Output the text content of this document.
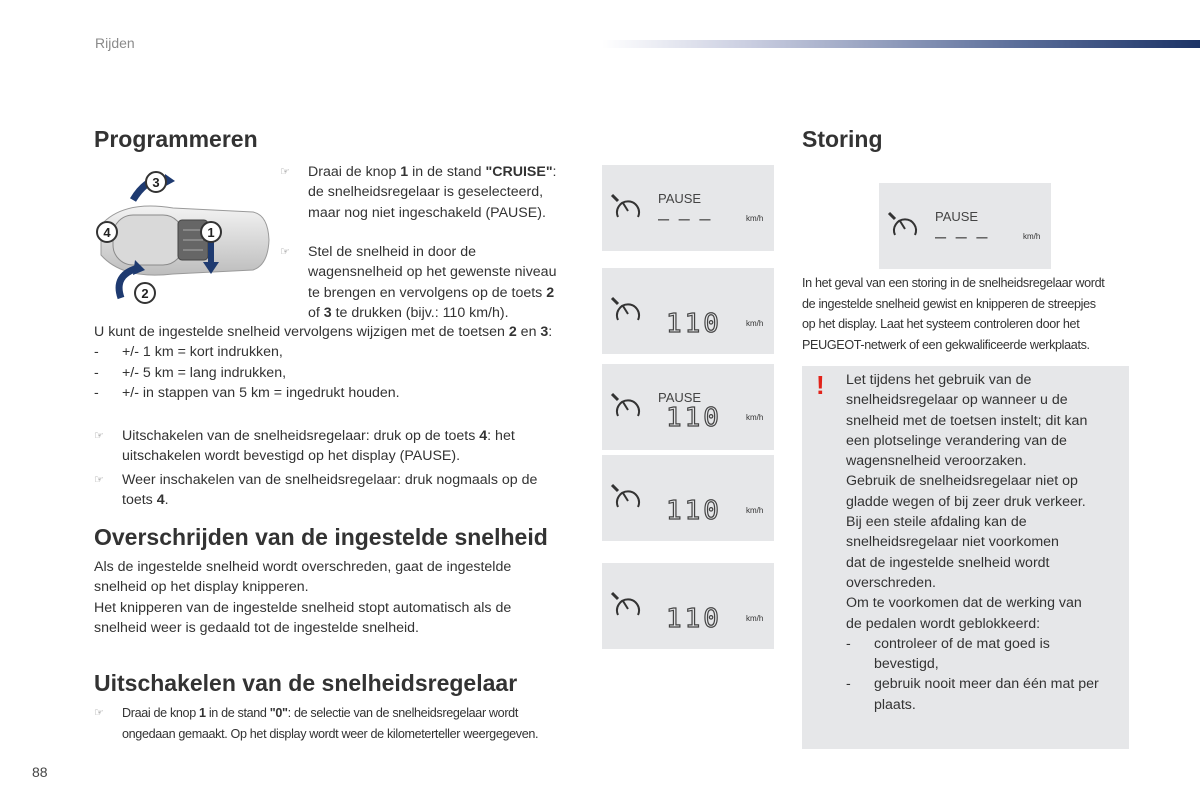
Rijden
Programmeren
3
4	1
2
☞ Draai de knop 1 in de stand "CRUISE":
de snelheidsregelaar is geselecteerd,
maar nog niet ingeschakeld (PAUSE).
☞ Stel de snelheid in door de
wagensnelheid op het gewenste niveau
te brengen en vervolgens op de toets 2
of 3 te drukken (bijv.: 110 km/h).
U kunt de ingestelde snelheid vervolgens wijzigen met de toetsen 2 en 3:
- +/- 1 km = kort indrukken,
- +/- 5 km = lang indrukken,
- +/- in stappen van 5 km = ingedrukt houden.
☞ Uitschakelen van de snelheidsregelaar: druk op de toets 4: het
uitschakelen wordt bevestigd op het display (PAUSE).
☞ Weer inschakelen van de snelheidsregelaar: druk nogmaals op de
toets 4.
PAUSE
– – –	km/h
110	km/h
PAUSE
110	km/h
110	km/h
110	km/h
PAUSE
– – –	km/h
Overschrijden van de ingestelde snelheid
Als de ingestelde snelheid wordt overschreden, gaat de ingestelde
snelheid op het display knipperen.
Het knipperen van de ingestelde snelheid stopt automatisch als de
snelheid weer is gedaald tot de ingestelde snelheid.
Uitschakelen van de snelheidsregelaar
☞ Draai de knop 1 in de stand "0": de selectie van de snelheidsregelaar wordt
ongedaan gemaakt. Op het display wordt weer de kilometerteller weergegeven.
Storing
In het geval van een storing in de snelheidsregelaar wordt
de ingestelde snelheid gewist en knipperen de streepjes
op het display. Laat het systeem controleren door het
PEUGEOT-netwerk of een gekwalificeerde werkplaats.
! Let tijdens het gebruik van de
snelheidsregelaar op wanneer u de
snelheid met de toetsen instelt; dit kan
een plotselinge verandering van de
wagensnelheid veroorzaken.
Gebruik de snelheidsregelaar niet op
gladde wegen of bij zeer druk verkeer.
Bij een steile afdaling kan de
snelheidsregelaar niet voorkomen
dat de ingestelde snelheid wordt
overschreden.
Om te voorkomen dat de werking van
de pedalen wordt geblokkeerd:
- controleer of de mat goed is
bevestigd,
- gebruik nooit meer dan één mat per
plaats.
88
